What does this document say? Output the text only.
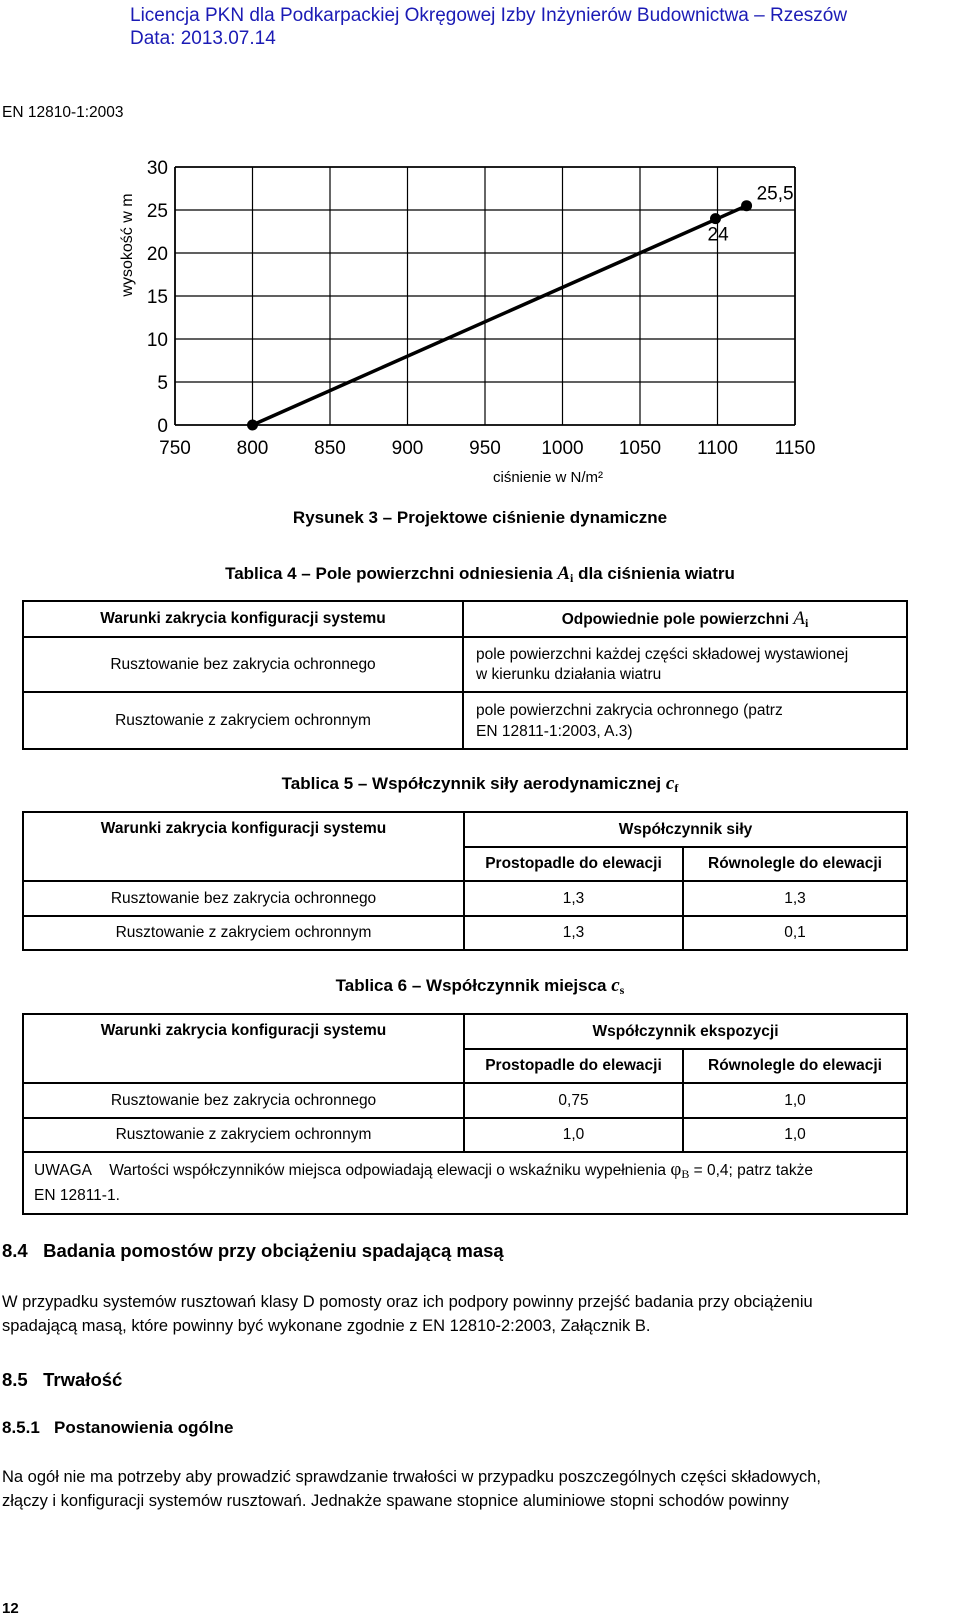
Licencja PKN dla Podkarpackiej Okręgowej Izby Inżynierów Budownictwa – Rzeszów
Data: 2013.07.14
EN 12810-1:2003
750 800 850 900 950 1000 1050 1100 1150
0
5
10
15
20
25
30
wysokość w m
ciśnienie w N/m²
24
25,5
Rysunek 3 – Projektowe ciśnienie dynamiczne
Tablica 4 – Pole powierzchni odniesienia $A_i$ dla ciśnienia wiatru
Warunki zakrycia konfiguracji systemu	Odpowiednie pole powierzchni $A_i$
Rusztowanie bez zakrycia ochronnego	pole powierzchni każdej części składowej wystawionej
w kierunku działania wiatru

Rusztowanie z zakryciem ochronnym	pole powierzchni zakrycia ochronnego (patrz
EN 12811-1:2003, A.3)
Tablica 5 – Współczynnik siły aerodynamicznej $c_f$
Warunki zakrycia konfiguracji systemu	Współczynnik siły	
	Prostopadle do elewacji	Równolegle do elewacji
Rusztowanie bez zakrycia ochronnego	1,3	1,3
Rusztowanie z zakryciem ochronnym	1,3	0,1
Tablica 6 – Współczynnik miejsca $c_s$
Warunki zakrycia konfiguracji systemu	Współczynnik ekspozycji	
	Prostopadle do elewacji	Równolegle do elewacji
Rusztowanie bez zakrycia ochronnego	0,75	1,0
Rusztowanie z zakryciem ochronnym	1,0	1,0
UWAGA Wartości współczynników miejsca odpowiadają elewacji o wskaźniku wypełnienia $\varphi_B = 0,4$; patrz także
EN 12811-1.		
8.4 Badania pomostów przy obciążeniu spadającą masą
W przypadku systemów rusztowań klasy D pomosty oraz ich podpory powinny przejść badania przy obciążeniu
spadającą masą, które powinny być wykonane zgodnie z EN 12810-2:2003, Załącznik B.
8.5 Trwałość
8.5.1 Postanowienia ogólne
Na ogół nie ma potrzeby aby prowadzić sprawdzanie trwałości w przypadku poszczególnych części składowych,
złączy i konfiguracji systemów rusztowań. Jednakże spawane stopnice aluminiowe stopni schodów powinny
12
